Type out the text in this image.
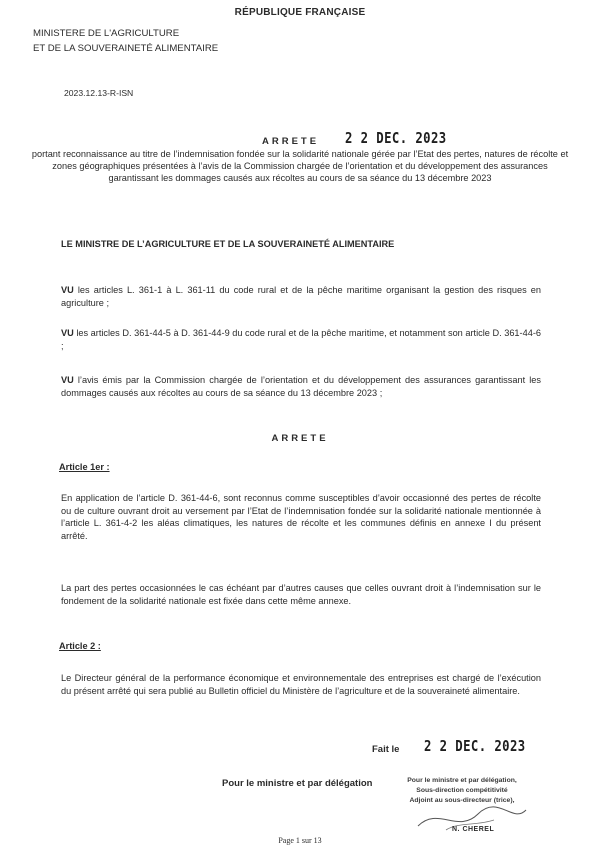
RÉPUBLIQUE FRANÇAISE
MINISTERE DE L'AGRICULTURE
ET DE LA SOUVERAINETÉ ALIMENTAIRE
2023.12.13-R-ISN
ARRETE 2 2 DEC. 2023
portant reconnaissance au titre de l’indemnisation fondée sur la solidarité nationale gérée par l’Etat des pertes, natures de récolte et zones géographiques présentées à l’avis de la Commission chargée de l’orientation et du développement des assurances garantissant les dommages causés aux récoltes au cours de sa séance du 13 décembre 2023
LE MINISTRE DE L’AGRICULTURE ET DE LA SOUVERAINETÉ ALIMENTAIRE
VU les articles L. 361-1 à L. 361-11 du code rural et de la pêche maritime organisant la gestion des risques en agriculture ;
VU les articles D. 361-44-5 à D. 361-44-9 du code rural et de la pêche maritime, et notamment son article D. 361-44-6 ;
VU l’avis émis par la Commission chargée de l’orientation et du développement des assurances garantissant les dommages causés aux récoltes au cours de sa séance du 13 décembre 2023 ;
ARRETE
Article 1er :
En application de l’article D. 361-44-6, sont reconnus comme susceptibles d’avoir occasionné des pertes de récolte ou de culture ouvrant droit au versement par l’Etat de l’indemnisation fondée sur la solidarité nationale mentionnée à l’article L. 361-4-2 les aléas climatiques, les natures de récolte et les communes définis en annexe I du présent arrêté.
La part des pertes occasionnées le cas échéant par d’autres causes que celles ouvrant droit à l’indemnisation sur le fondement de la solidarité nationale est fixée dans cette même annexe.
Article 2 :
Le Directeur général de la performance économique et environnementale des entreprises est chargé de l’exécution du présent arrêté qui sera publié au Bulletin officiel du Ministère de l’agriculture et de la souveraineté alimentaire.
Fait le 2 2 DEC. 2023
Pour le ministre et par délégation	Pour le ministre et par délégation,
Sous-direction compétitivité
Adjoint au sous-directeur (trice),
N. CHEREL
Page 1 sur 13
